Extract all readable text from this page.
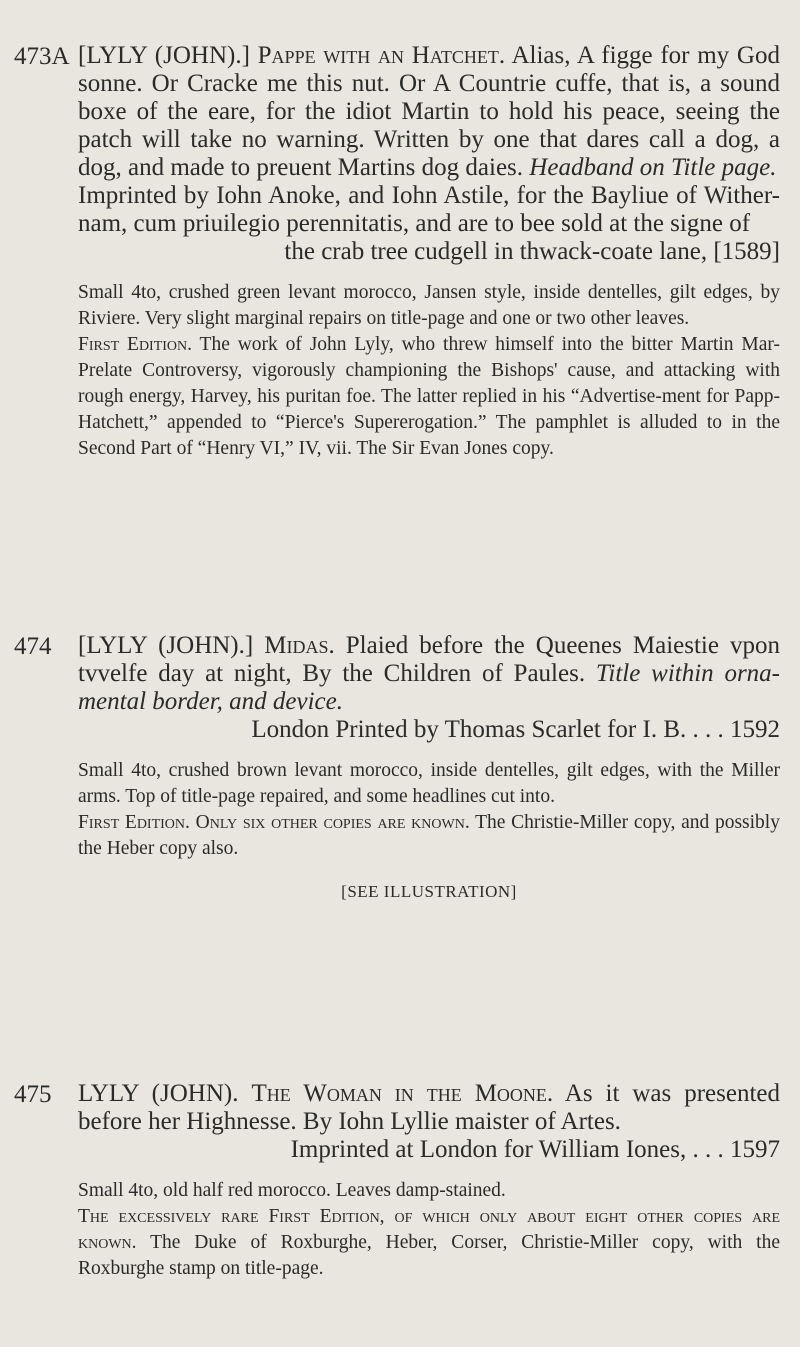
473A [LYLY (JOHN).] Pappe with an Hatchet. Alias, A figge for my God sonne. Or Cracke me this nut. Or A Countrie cuffe, that is, a sound boxe of the eare, for the idiot Martin to hold his peace, seeing the patch will take no warning. Written by one that dares call a dog, a dog, and made to preuent Martins dog daies. Headband on Title page.

Imprinted by Iohn Anoke, and Iohn Astile, for the Bayliue of Wither-nam, cum priuilegio perennitatis, and are to bee sold at the signe of

the crab tree cudgell in thwack-coate lane, [1589]

Small 4to, crushed green levant morocco, Jansen style, inside dentelles, gilt edges, by Riviere. Very slight marginal repairs on title-page and one or two other leaves.

First Edition. The work of John Lyly, who threw himself into the bitter Martin Mar-Prelate Controversy, vigorously championing the Bishops' cause, and attacking with rough energy, Harvey, his puritan foe. The latter replied in his “Advertise-ment for Papp-Hatchett,” appended to “Pierce's Supererogation.” The pamphlet is alluded to in the Second Part of “Henry VI,” IV, vii. The Sir Evan Jones copy.

474 [LYLY (JOHN).] Midas. Plaied before the Queenes Maiestie vpon tvvelfe day at night, By the Children of Paules. Title within orna-mental border, and device.

London Printed by Thomas Scarlet for I. B. . . . 1592

Small 4to, crushed brown levant morocco, inside dentelles, gilt edges, with the Miller arms. Top of title-page repaired, and some headlines cut into.

First Edition. Only six other copies are known. The Christie-Miller copy, and possibly the Heber copy also.

[SEE ILLUSTRATION]
475 LYLY (JOHN). The Woman in the Moone. As it was presented before her Highnesse. By Iohn Lyllie maister of Artes.

Imprinted at London for William Iones, . . . 1597

Small 4to, old half red morocco. Leaves damp-stained.

The excessively rare First Edition, of which only about eight other copies are known. The Duke of Roxburghe, Heber, Corser, Christie-Miller copy, with the Roxburghe stamp on title-page.
